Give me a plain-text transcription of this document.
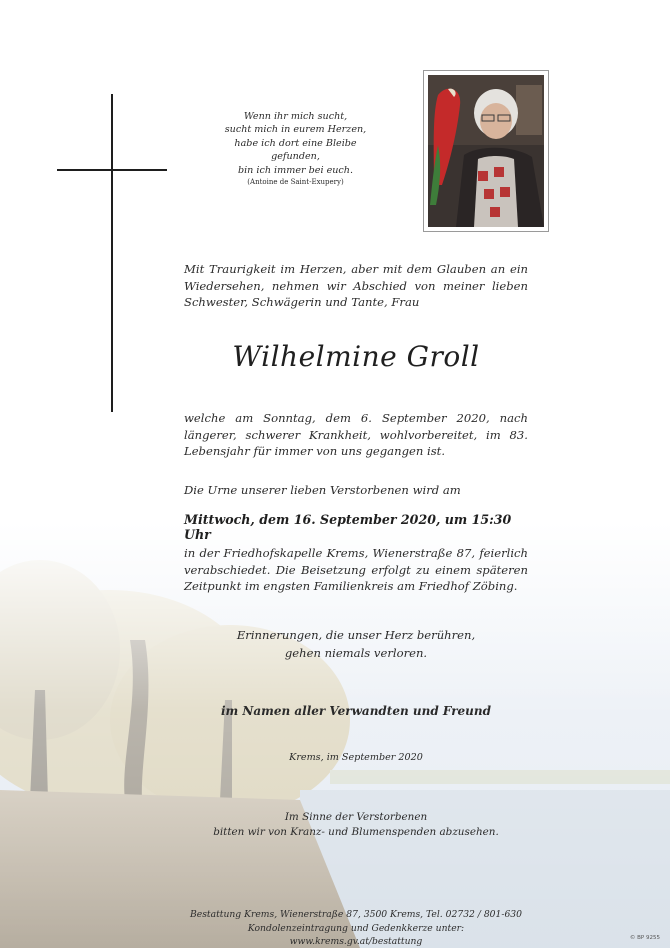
Wenn ihr mich sucht,
sucht mich in eurem Herzen,
habe ich dort eine Bleibe
gefunden,
bin ich immer bei euch.
(Antoine de Saint-Exupery)
Mit Traurigkeit im Herzen, aber mit dem Glauben an ein Wiedersehen, nehmen wir Abschied von meiner lieben Schwester, Schwägerin und Tante, Frau
Wilhelmine Groll
welche am Sonntag, dem 6. September 2020, nach längerer, schwerer Krankheit, wohlvorbereitet, im 83. Lebensjahr für immer von uns gegangen ist.
Die Urne unserer lieben Verstorbenen wird am
Mittwoch, dem 16. September 2020, um 15:30 Uhr
in der Friedhofskapelle Krems, Wienerstraße 87, feierlich verabschiedet. Die Beisetzung erfolgt zu einem späteren Zeitpunkt im engsten Familienkreis am Friedhof Zöbing.
Erinnerungen, die unser Herz berühren,
gehen niemals verloren.
im Namen aller Verwandten und Freund
Krems, im September 2020
Im Sinne der Verstorbenen
bitten wir von Kranz- und Blumenspenden abzusehen.
Bestattung Krems, Wienerstraße 87, 3500 Krems, Tel. 02732 / 801-630
Kondolenzeintragung und Gedenkkerze unter: www.krems.gv.at/bestattung	© BP 9255
